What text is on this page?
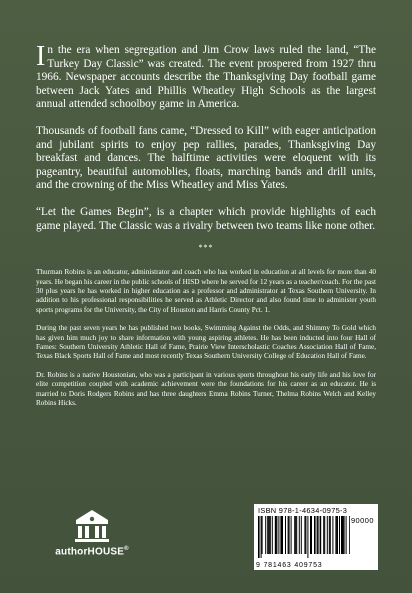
In the era when segregation and Jim Crow laws ruled the land, “The Turkey Day Classic” was created. The event prospered from 1927 thru 1966. Newspaper accounts describe the Thanksgiving Day football game between Jack Yates and Phillis Wheatley High Schools as the largest annual attended schoolboy game in America.

Thousands of football fans came, “Dressed to Kill” with eager anticipation and jubilant spirits to enjoy pep rallies, parades, Thanksgiving Day breakfast and dances. The halftime activities were eloquent with its pageantry, beautiful automoblies, floats, marching bands and drill units, and the crowning of the Miss Wheatley and Miss Yates.

“Let the Games Begin”, is a chapter which provide highlights of each game played. The Classic was a rivalry between two teams like none other.

***

Thurman Robins is an educator, administrator and coach who has worked in education at all levels for more than 40 years. He began his career in the public schools of HISD where he served for 12 years as a teacher/coach. For the past 30 plus years he has worked in higher education as a professor and administrator at Texas Southern University. In addition to his professional responsibilities he served as Athletic Director and also found time to administer youth sports programs for the University, the City of Houston and Harris County Pct. 1.

During the past seven years he has published two books, Swimming Against the Odds, and Shimmy To Gold which has given him much joy to share information with young aspiring athletes. He has been inducted into four Hall of Fames: Southern University Athletic Hall of Fame, Prairie View Interscholastic Coaches Association Hall of Fame, Texas Black Sports Hall of Fame and most recently Texas Southern University College of Education Hall of Fame.

Dr. Robins is a native Houstonian, who was a participant in various sports throughout his early life and his love for elite competition coupled with academic achievement were the foundations for his career as an educator. He is married to Doris Rodgers Robins and has three daughters Emma Robins Turner, Thelma Robins Welch and Kelley Robins Hicks.

authorHOUSE®
ISBN 978-1-4634-0975-3
90000
9 781463 409753
